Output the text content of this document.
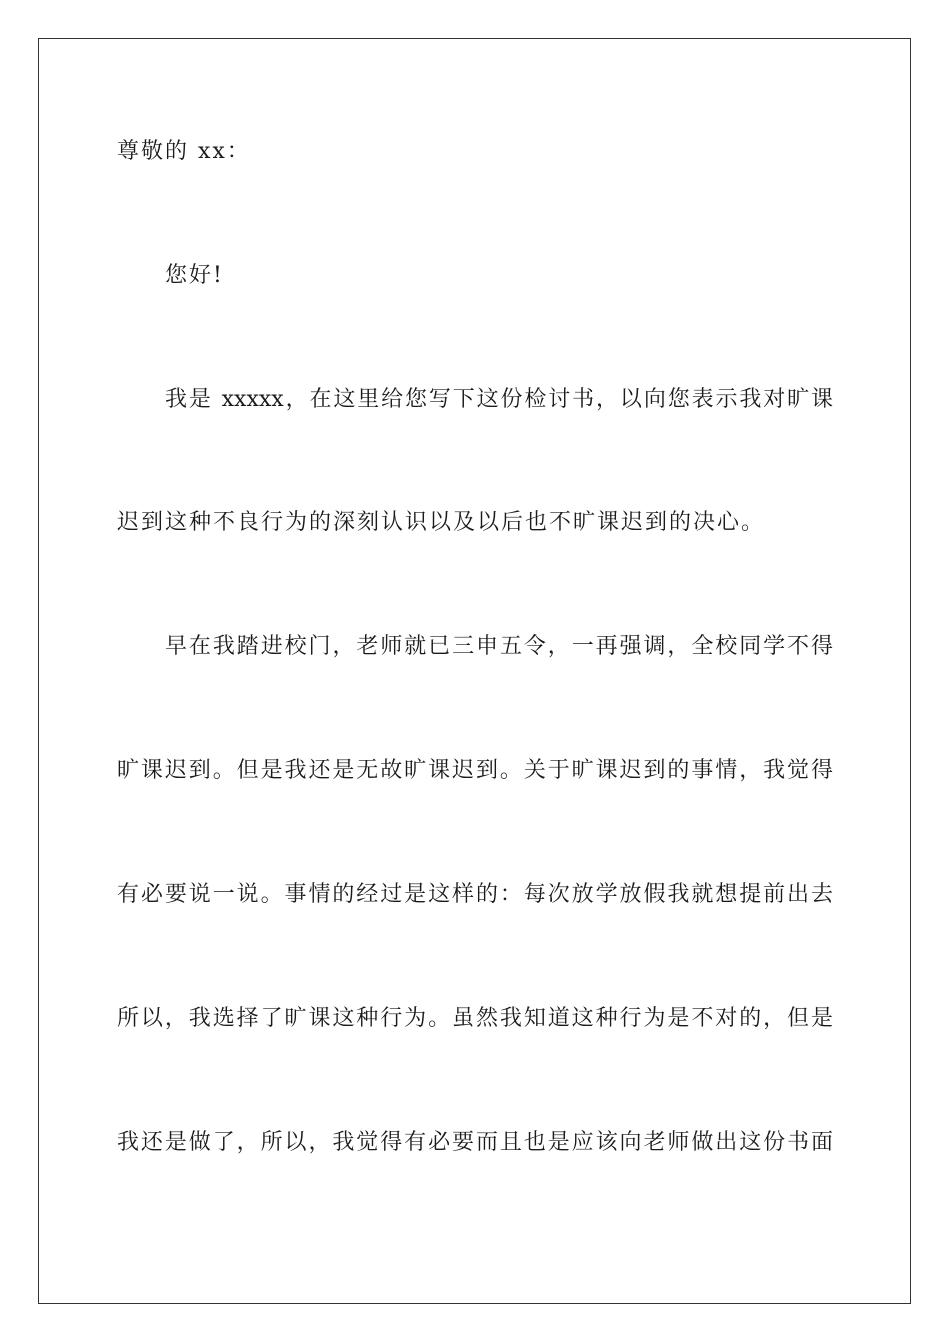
尊敬的 xx：
您好!
我是 xxxxx，在这里给您写下这份检讨书，以向您表示我对旷课
迟到这种不良行为的深刻认识以及以后也不旷课迟到的决心。
早在我踏进校门，老师就已三申五令，一再强调，全校同学不得
旷课迟到。但是我还是无故旷课迟到。关于旷课迟到的事情，我觉得
有必要说一说。事情的经过是这样的：每次放学放假我就想提前出去
所以，我选择了旷课这种行为。虽然我知道这种行为是不对的，但是
我还是做了，所以，我觉得有必要而且也是应该向老师做出这份书面
